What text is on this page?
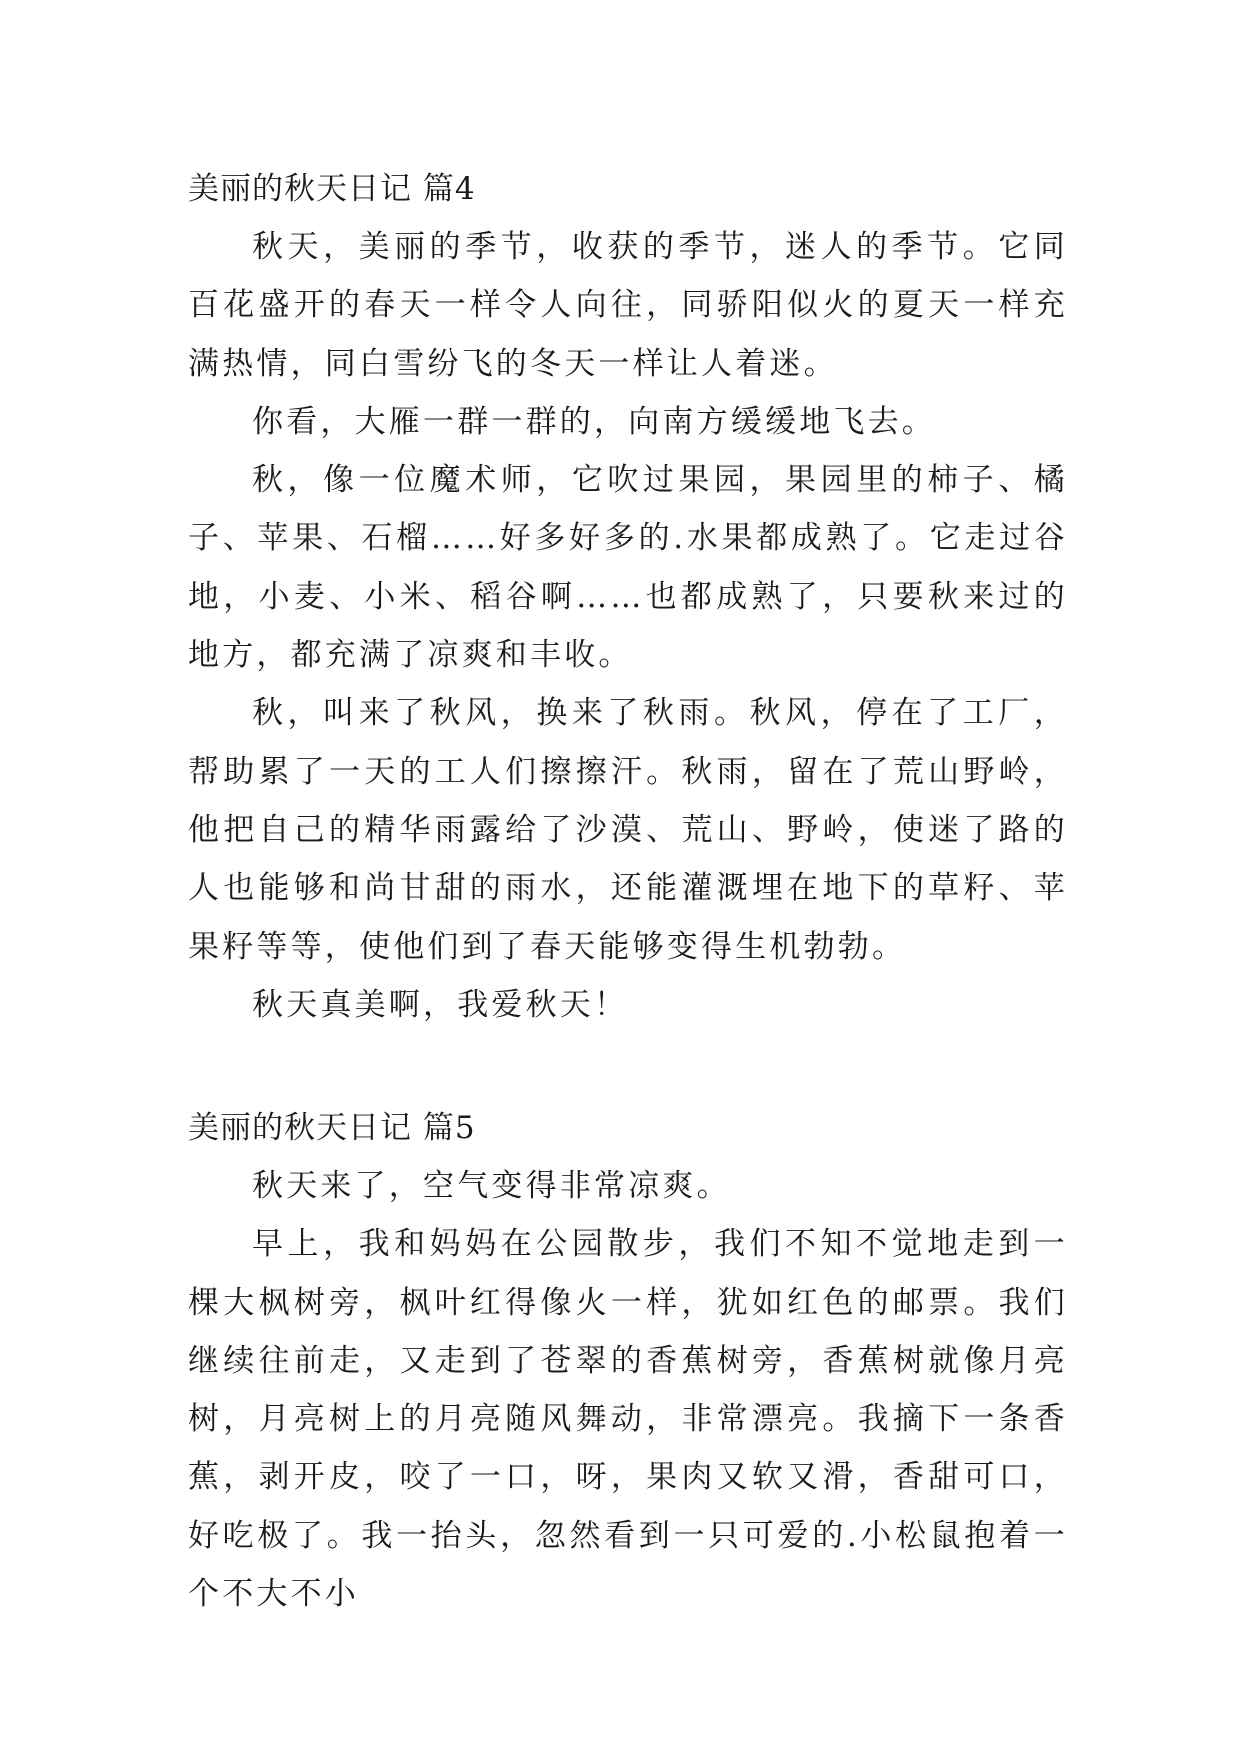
美丽的秋天日记 篇4

秋天，美丽的季节，收获的季节，迷人的季节。它同百花盛开的春天一样令人向往，同骄阳似火的夏天一样充满热情，同白雪纷飞的冬天一样让人着迷。

你看，大雁一群一群的，向南方缓缓地飞去。

秋，像一位魔术师，它吹过果园，果园里的柿子、橘子、苹果、石榴……好多好多的.水果都成熟了。它走过谷地，小麦、小米、稻谷啊……也都成熟了，只要秋来过的地方，都充满了凉爽和丰收。

秋，叫来了秋风，换来了秋雨。秋风，停在了工厂，帮助累了一天的工人们擦擦汗。秋雨，留在了荒山野岭，他把自己的精华雨露给了沙漠、荒山、野岭，使迷了路的人也能够和尚甘甜的雨水，还能灌溉埋在地下的草籽、苹果籽等等，使他们到了春天能够变得生机勃勃。

秋天真美啊，我爱秋天！

美丽的秋天日记 篇5

秋天来了，空气变得非常凉爽。

早上，我和妈妈在公园散步，我们不知不觉地走到一棵大枫树旁，枫叶红得像火一样，犹如红色的邮票。我们继续往前走，又走到了苍翠的香蕉树旁，香蕉树就像月亮树，月亮树上的月亮随风舞动，非常漂亮。我摘下一条香蕉，剥开皮，咬了一口，呀，果肉又软又滑，香甜可口，好吃极了。我一抬头，忽然看到一只可爱的.小松鼠抱着一个不大不小
